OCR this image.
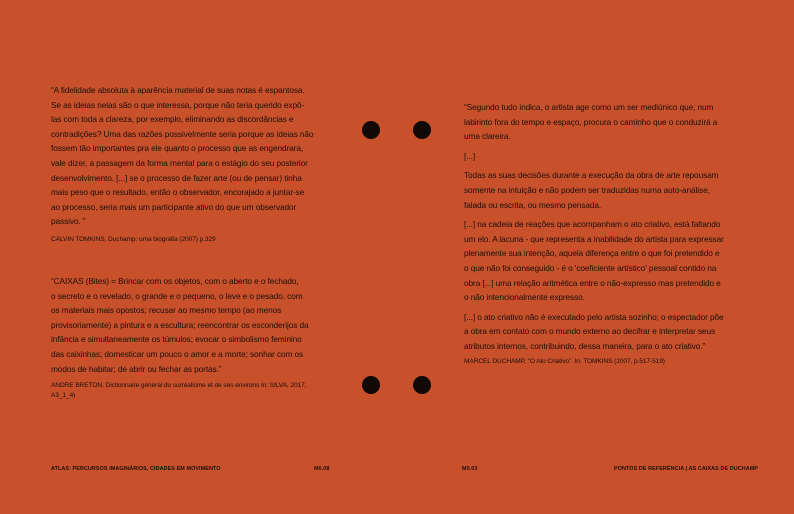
“A fidelidade absoluta à aparência material de suas notas é espantosa.
Se as ideias nelas são o que interessa, porque não teria querido expô-
las com toda a clareza, por exemplo, eliminando as discordâncias e
contradições? Uma das razões possivelmente seria porque as ideias não
fossem tão importantes pra ele quanto o processo que as engendrara,
vale dizer, a passagem da forma mental para o estágio do seu posterior
desenvolvimento. [...] se o processo de fazer arte (ou de pensar) tinha
mais peso que o resultado, então o observador, encorajado a juntar-se
ao processo, seria mais um participante ativo do que um observador
passivo. ”

CALVIN TOMKINS, Duchamp: uma biografia (2007) p.329

“CAIXAS (Bites) = Brincar com os objetos, com o aberto e o fechado,
o secreto e o revelado, o grande e o pequeno, o leve e o pesado, com
os materiais mais opostos; recusar ao mesmo tempo (ao menos
provisoriamente) a pintura e a escultura; reencontrar os esconderijos da
infância e simultaneamente os túmulos; evocar o simbolismo feminino
das caixinhas; domesticar um pouco o amor e a morte; sonhar com os
modos de habitar; de abrir ou fechar as portas.”

ANDRE BRETON, Dictionnaire général du surréalisme et de ses environs In: SILVA, 2017,
A3_1_4)

ATLAS: PERCURSOS IMAGINÁRIOS, CIDADES EM MOVIMENTO	M0.08

“Segundo tudo indica, o artista age como um ser mediúnico que, num
labirinto fora do tempo e espaço, procura o caminho que o conduzirá a
uma clareira.

[...]

Todas as suas decisões durante a execução da obra de arte repousam
somente na intuição e não podem ser traduzidas numa auto-análise,
falada ou escrita, ou mesmo pensada.

[...] na cadeia de reações que acompanham o ato criativo, está faltando
um elo. A lacuna - que representa a inabilidade do artista para expressar
plenamente sua intenção, aquela diferença entre o que foi pretendido e
o que não foi conseguido - é o 'coeficiente artístico' pessoal contido na
obra [...] uma relação aritmética entre o não-expresso mas pretendido e
o não intencionalmente expresso.

[...] o ato criativo não é executado pelo artista sozinho; o espectador põe
a obra em contato com o mundo externo ao decifrar e interpretar seus
atributos internos, contribuindo, dessa maneira, para o ato criativo.”

MARCEL DUCHAMP, “O Ato Criativo”. In: TOMKINS (2007, p.517-519)

M0.03	PONTOS DE REFERÊNCIA | AS CAIXAS DE DUCHAMP
